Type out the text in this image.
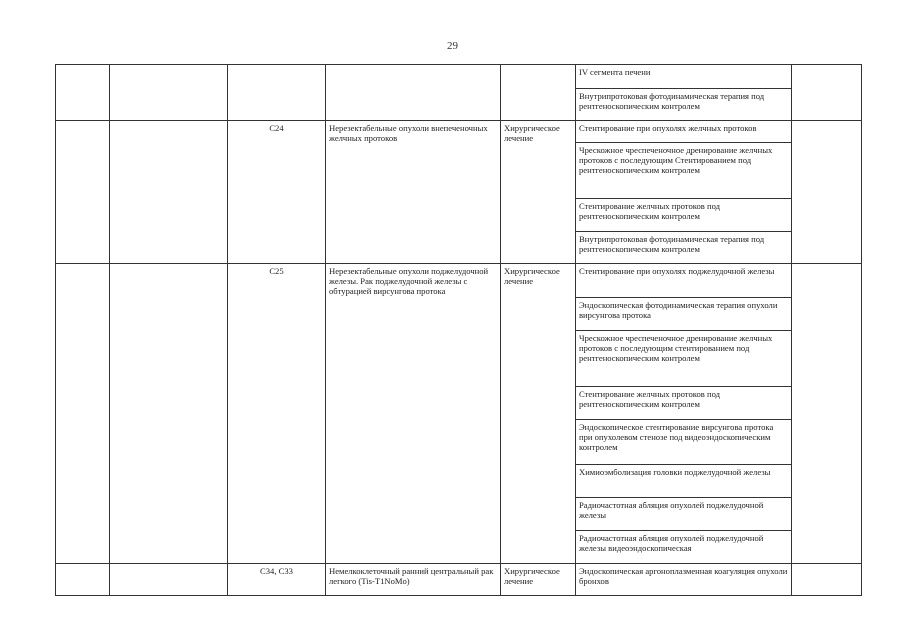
29
					IV сегмента печени	
					Внутрипротоковая фотодинамическая терапия под рентгеноскопическим контролем	
		C24	Нерезектабельные опухоли внепеченочных желчных протоков	Хирургическое лечение	Стентирование при опухолях желчных протоков	
					Чрескожное чреспеченочное дренирование желчных протоков с последующим Стентированием под рентгеноскопическим контролем	
					Стентирование желчных протоков под рентгеноскопическим контролем	
					Внутрипротоковая фотодинамическая терапия под рентгеноскопическим контролем	
		C25	Нерезектабельные опухоли поджелудочной железы. Рак поджелудочной железы с обтурацией вирсунгова протока	Хирургическое лечение	Стентирование при опухолях поджелудочной железы	
					Эндоскопическая фотодинамическая терапия опухоли вирсунгова протока	
					Чрескожное чреспеченочное дренирование желчных протоков с последующим стентированием под рентгеноскопическим контролем	
					Стентирование желчных протоков под рентгеноскопическим контролем	
					Эндоскопическое стентирование вирсунгова протока при опухолевом стенозе под видеоэндоскопическим контролем	
					Химиоэмболизация головки поджелудочной железы	
					Радиочастотная абляция опухолей поджелудочной железы	
					Радиочастотная абляция опухолей поджелудочной железы видеоэндоскопическая	
		C34, C33	Немелкоклеточный ранний центральный рак легкого (Tis-T1NoMo)	Хирургическое лечение	Эндоскопическая аргоноплазменная коагуляция опухоли бронхов	
